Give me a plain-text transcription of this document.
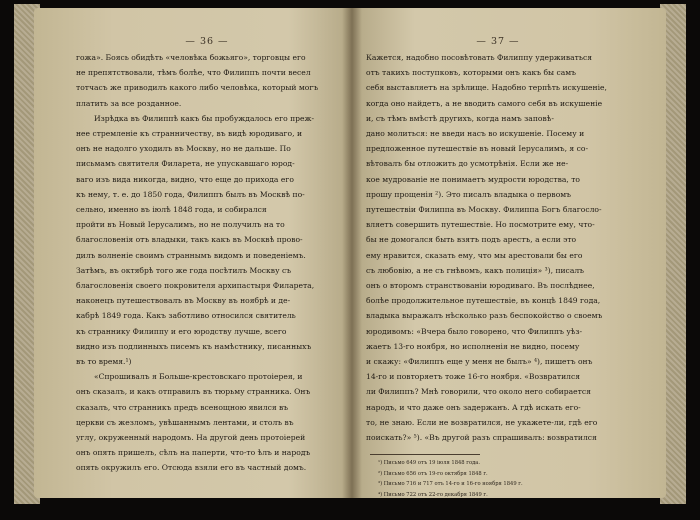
— 36 —
гожа». Боясь обидѣть «человѣка божьяго», торговцы его
не препятствовали, тѣмъ болѣе, что Филиппъ почти весел
тотчасъ же приводилъ какого либо человѣка, который могъ
платить за все розданное.
Изрѣдка въ Филиппѣ какъ бы пробуждалось его преж-
нее стремленіе къ странничеству, въ видѣ юродиваго, и
онъ не надолго уходилъ въ Москву, но не дальше. По
письмамъ святителя Филарета, не упускавшаго юрод-
ваго изъ вида никогда, видно, что еще до прихода его
къ нему, т. е. до 1850 года, Филиппъ былъ въ Москвѣ по-
сельно, именно въ іюлѣ 1848 года, и собирался
пройти въ Новый Іерусалимъ, но не получилъ на то
благословенія отъ владыки, такъ какъ въ Москвѣ прово-
дилъ волненіе своимъ страннымъ видомъ и поведеніемъ.
Затѣмъ, въ октябрѣ того же года посѣтилъ Москву съ
благословенія своего покровителя архипастыря Филарета,
наконецъ путешествовалъ въ Москву въ ноябрѣ и де-
кабрѣ 1849 года. Какъ заботливо относился святитель
къ страннику Филиппу и его юродству лучше, всего
видно изъ подлинныхъ писемъ къ намѣстнику, писанныхъ
въ то время.¹)
«Спрошивалъ я Больше-крестовскаго протоіерея, и
онъ сказалъ, и какъ отправилъ въ тюрьму странника. Онъ
сказалъ, что странникъ предъ всенощною явился въ
церкви съ жезломъ, увѣшаннымъ лентами, и столъ въ
углу, окруженный народомъ. На другой день протоіерей
онъ опять пришелъ, сѣлъ на паперти, что-то ѣлъ и народъ
опять окружилъ его. Отсюда взяли его въ частный домъ.
— 37 —
Кажется, надобно посовѣтовать Филиппу удерживаться
отъ такихъ поступковъ, которыми онъ какъ бы самъ
себя выставляетъ на зрѣлище. Надобно терпѣть искушеніе,
когда оно найдетъ, а не вводить самого себя въ искушеніе
и, съ тѣмъ вмѣстѣ другихъ, когда намъ заповѣ-
дано молиться: не введи насъ во искушеніе. Посему и
предложенное путешествіе въ новый Іерусалимъ, я со-
вѣтовалъ бы отложить до усмотрѣнія. Если же не-
кое мудрованіе не понимаетъ мудрости юродства, то
прошу прощенія ²). Это писалъ владыка о первомъ
путешествіи Филиппа въ Москву. Филиппа Богъ благосло-
вляетъ совершить путешествіе. Но посмотрите ему, что-
бы не домогался быть взятъ подъ арестъ, а если это
ему нравится, сказать ему, что мы арестовали бы его
съ любовію, а не съ гнѣвомъ, какъ полиція» ³), писалъ
онъ о второмъ странствованіи юродиваго. Въ послѣднее,
болѣе продолжительное путешествіе, въ концѣ 1849 года,
владыка выражалъ нѣсколько разъ беспокойство о своемъ
юродивомъ: «Вчера было говорено, что Филиппъ уѣз-
жаетъ 13-го ноября, но исполненія не видно, посему
и скажу: «Филиппъ еще у меня не былъ» ⁴), пишетъ онъ
14-го и повторяетъ тоже 16-го ноября. «Возвратился
ли Филиппъ? Мнѣ говорили, что около него собирается
народъ, и что даже онъ задержанъ. А гдѣ искать его-
то, не знаю. Если не возвратился, не укажете-ли, гдѣ его
поискать?» ⁵). «Въ другой разъ спрашивалъ: возвратился
¹) Письмо 649 отъ 19 іюля 1848 года.
²) Письмо 656 отъ 19-го октября 1848 г.
³) Письмо 716 и 717 отъ 14-го и 16-го ноября 1849 г.
⁴) Письмо 722 отъ 22-го декабря 1849 г.
